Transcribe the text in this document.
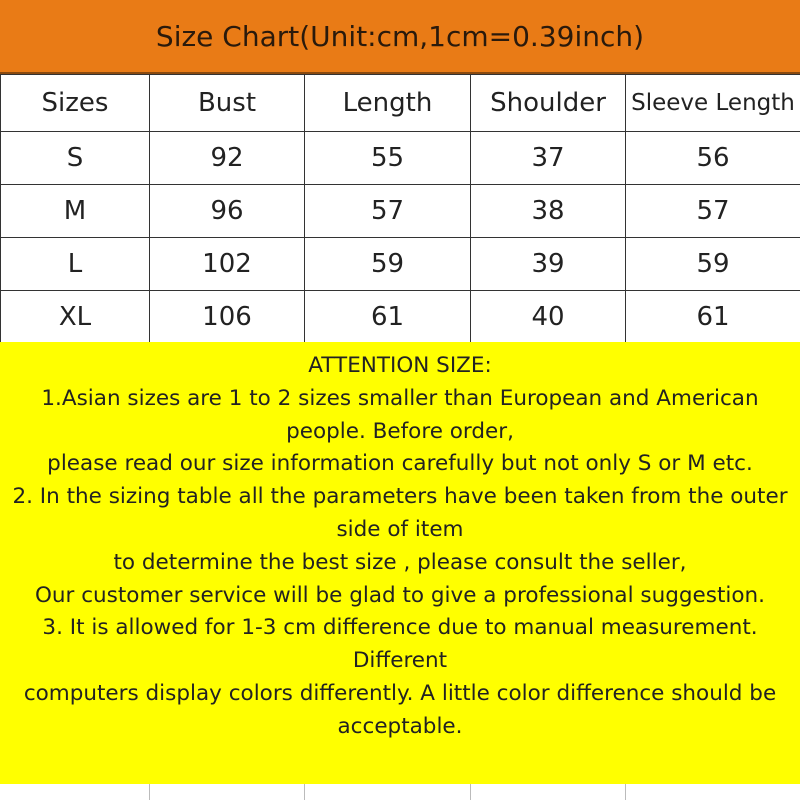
Size Chart(Unit:cm,1cm=0.39inch)
Sizes	Bust	Length	Shoulder	Sleeve Length
S	92	55	37	56
M	96	57	38	57
L	102	59	39	59
XL	106	61	40	61
ATTENTION SIZE:
1.Asian sizes are 1 to 2 sizes smaller than European and American people. Before order,
please read our size information carefully but not only S or M etc.
2. In the sizing table all the parameters have been taken from the outer side of item
to determine the best size , please consult the seller,
Our customer service will be glad to give a professional suggestion.
3. It is allowed for 1-3 cm difference due to manual measurement. Different
computers display colors differently. A little color difference should be acceptable.
